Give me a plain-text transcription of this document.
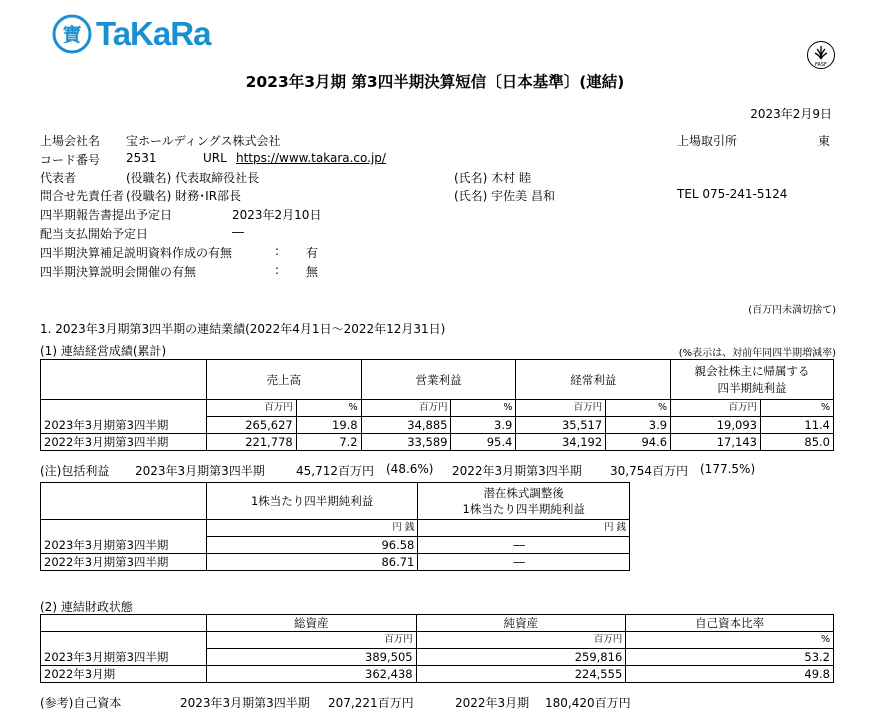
寶 TaKaRa
FASF
2023年3月期 第3四半期決算短信〔日本基準〕(連結)
2023年2月9日
上場会社名 宝ホールディングス株式会社	上場取引所	東
コード番号 2531	URL https://www.takara.co.jp/
代表者	(役職名) 代表取締役社長	(氏名) 木村 睦
問合せ先責任者 (役職名) 財務･IR部長	(氏名) 宇佐美 昌和	TEL 075-241-5124
四半期報告書提出予定日	2023年2月10日
配当支払開始予定日	―
四半期決算補足説明資料作成の有無	: 有
四半期決算説明会開催の有無	: 無
(百万円未満切捨て)
1. 2023年3月期第3四半期の連結業績(2022年4月1日～2022年12月31日)
(1) 連結経営成績(累計)	(%表示は、対前年同四半期増減率)
	売上高		営業利益		経常利益		親会社株主に帰属する
四半期純利益	

	百万円	%	百万円	%	百万円	%	百万円	%
2023年3月期第3四半期	265,627	19.8	34,885	3.9	35,517	3.9	19,093	11.4
2022年3月期第3四半期	221,778	7.2	33,589	95.4	34,192	94.6	17,143	85.0
(注)包括利益 2023年3月期第3四半期	45,712百万円 (48.6%) 2022年3月期第3四半期 30,754百万円 (177.5%)
	1株当たり四半期純利益	潜在株式調整後
1株当たり四半期純利益

	円 銭	円 銭
2023年3月期第3四半期	96.58	―
2022年3月期第3四半期	86.71	―
(2) 連結財政状態
	総資産	純資産	自己資本比率
	百万円	百万円	%
2023年3月期第3四半期	389,505	259,816	53.2
2022年3月期	362,438	224,555	49.8
(参考)自己資本	2023年3月期第3四半期 207,221百万円	2022年3月期 180,420百万円
